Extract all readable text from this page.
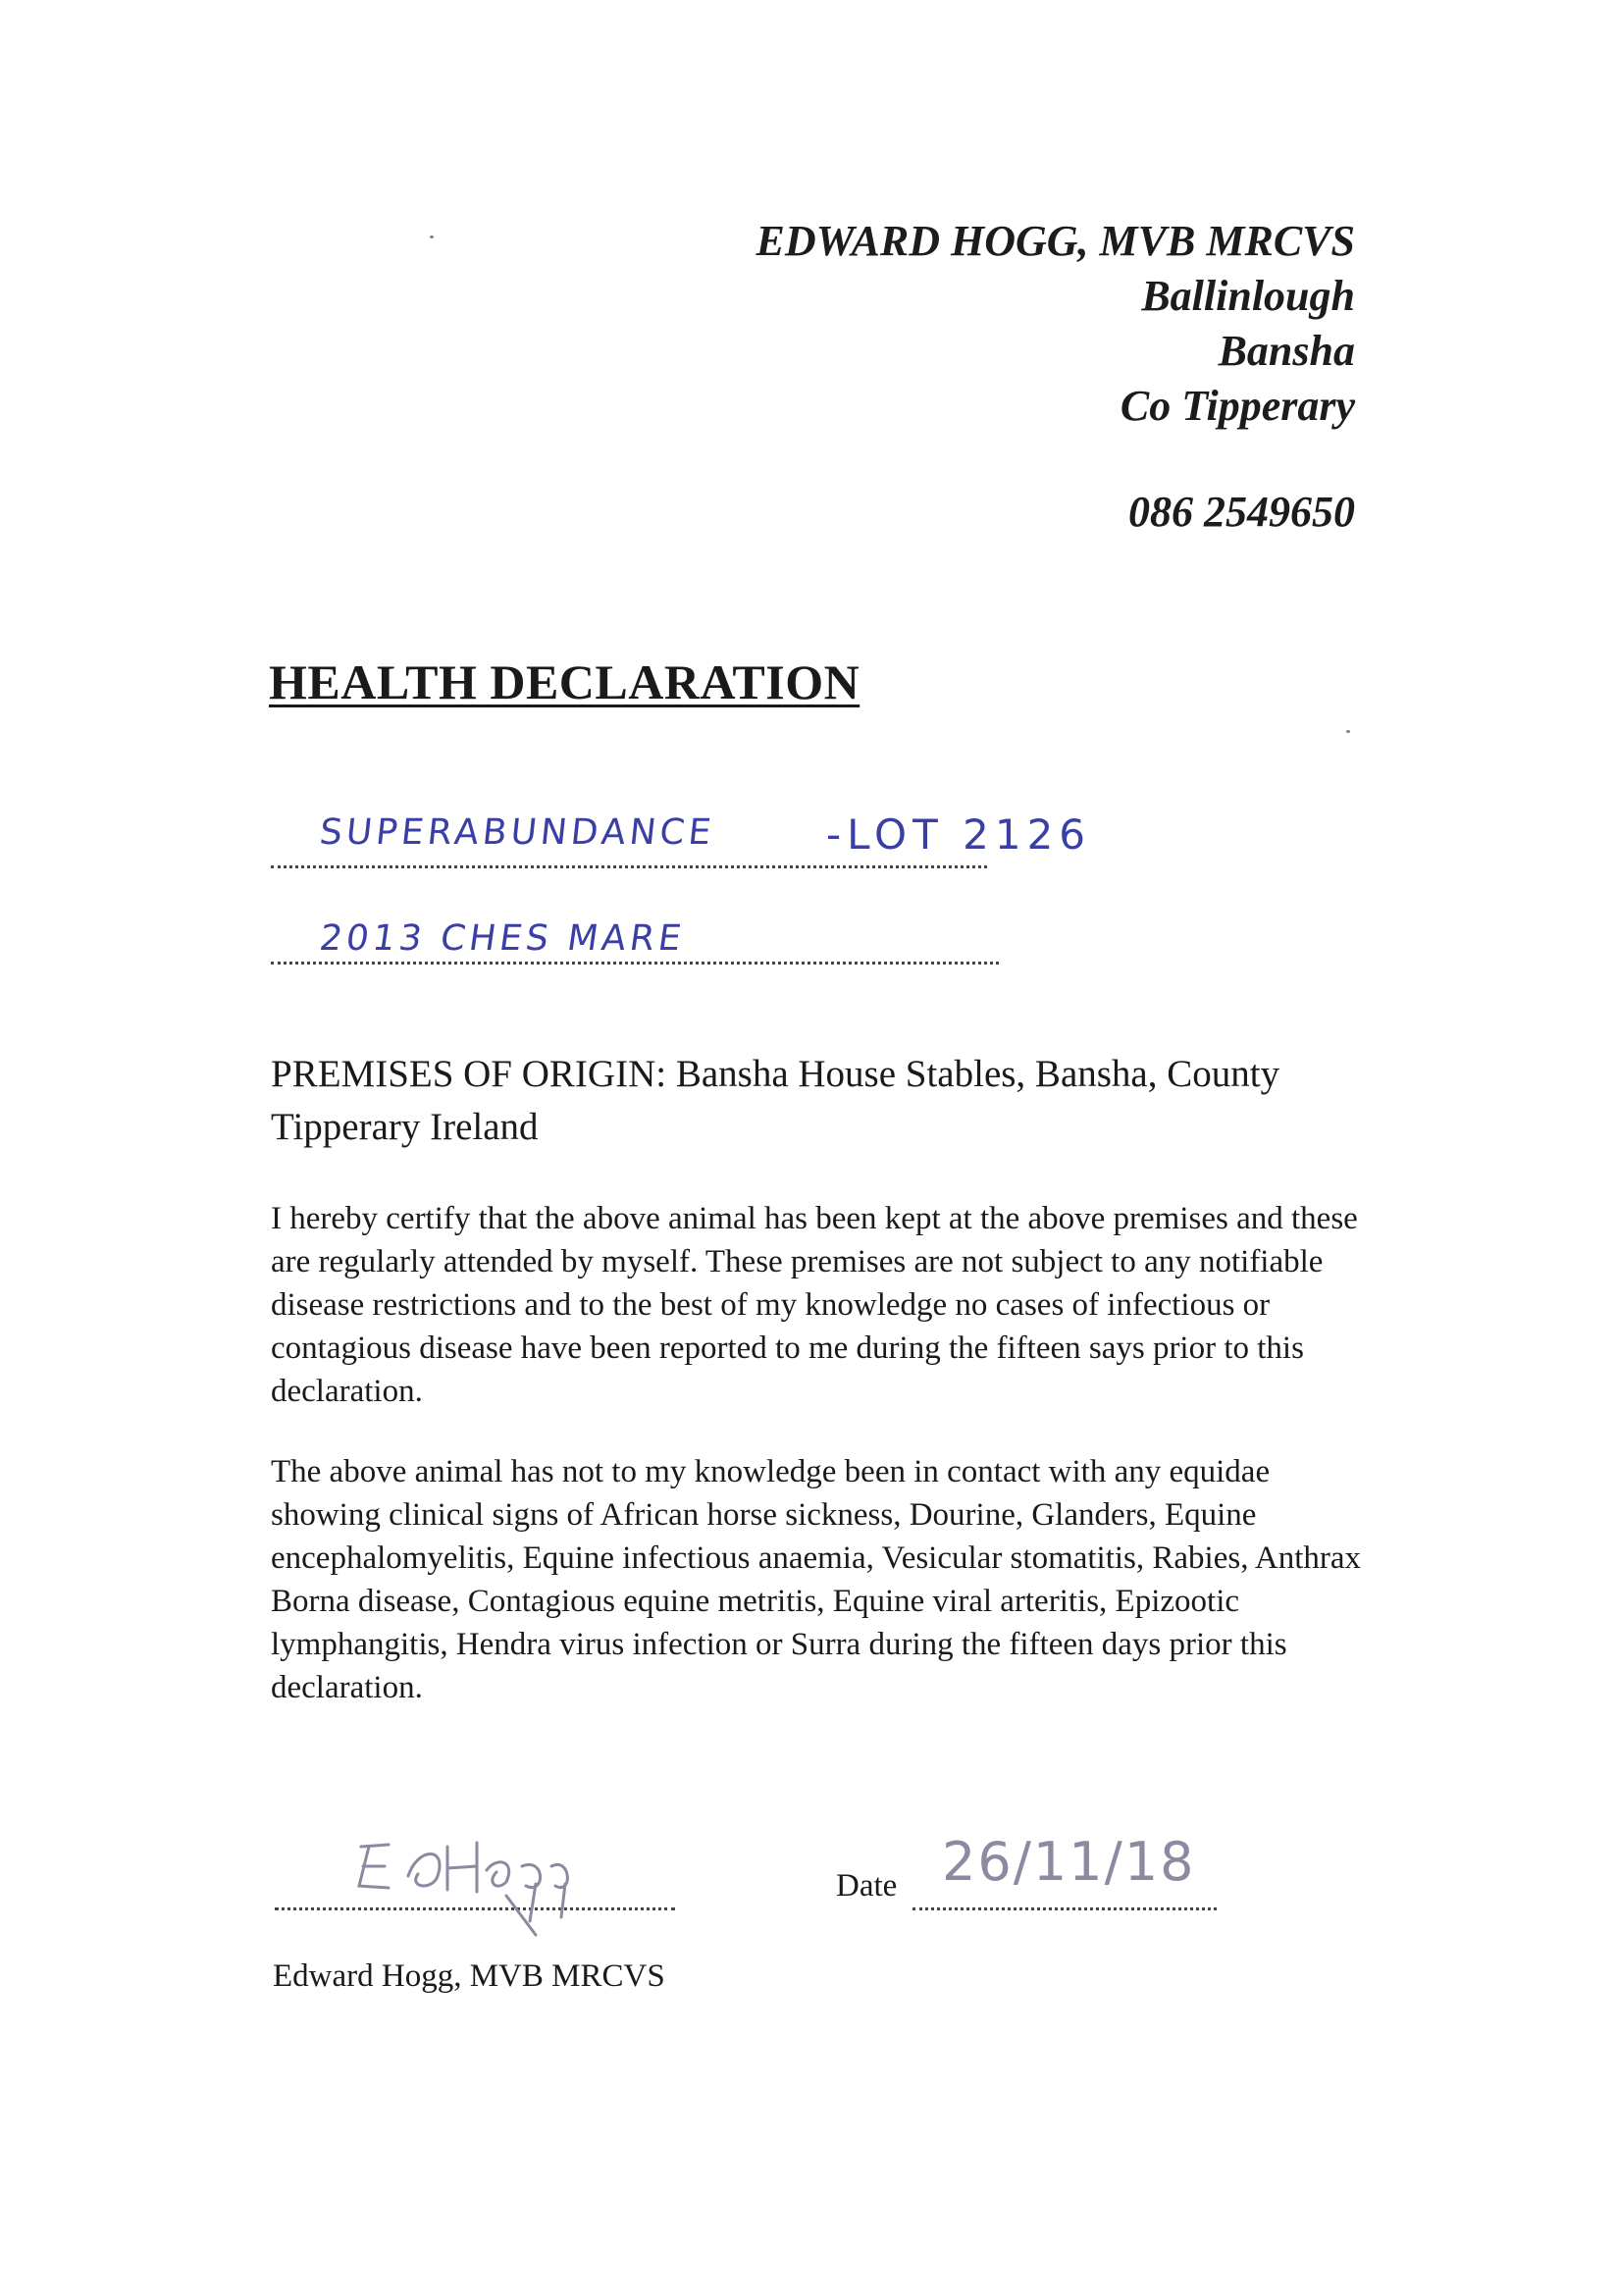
EDWARD HOGG, MVB MRCVS
Ballinlough
Bansha
Co Tipperary
086 2549650
HEALTH DECLARATION
SUPERABUNDANCE	-LOT 2126
2013 CHES MARE
PREMISES OF ORIGIN: Bansha House Stables, Bansha, County Tipperary Ireland
I hereby certify that the above animal has been kept at the above premises and these are regularly attended by myself. These premises are not subject to any notifiable disease restrictions and to the best of my knowledge no cases of infectious or contagious disease have been reported to me during the fifteen says prior to this declaration.
The above animal has not to my knowledge been in contact with any equidae showing clinical signs of African horse sickness, Dourine, Glanders, Equine encephalomyelitis, Equine infectious anaemia, Vesicular stomatitis, Rabies, Anthrax Borna disease, Contagious equine metritis, Equine viral arteritis, Epizootic lymphangitis, Hendra virus infection or Surra during the fifteen days prior this declaration.
Date 26/11/18
Edward Hogg, MVB MRCVS
